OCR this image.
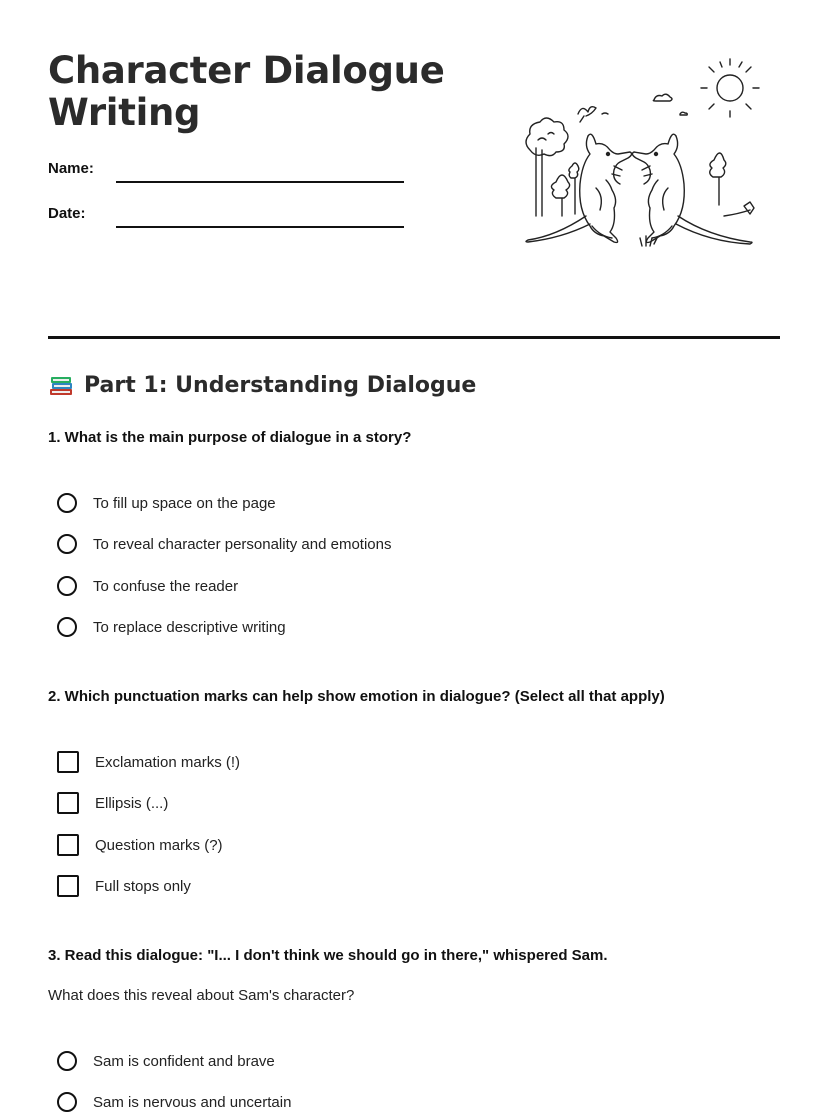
Character Dialogue Writing
Name:
Date:
Part 1: Understanding Dialogue

1. What is the main purpose of dialogue in a story?

To fill up space on the page
To reveal character personality and emotions
To confuse the reader
To replace descriptive writing

2. Which punctuation marks can help show emotion in dialogue? (Select all that apply)

Exclamation marks (!)
Ellipsis (...)
Question marks (?)
Full stops only

3. Read this dialogue: "I... I don't think we should go in there," whispered Sam.

What does this reveal about Sam's character?

Sam is confident and brave
Sam is nervous and uncertain
